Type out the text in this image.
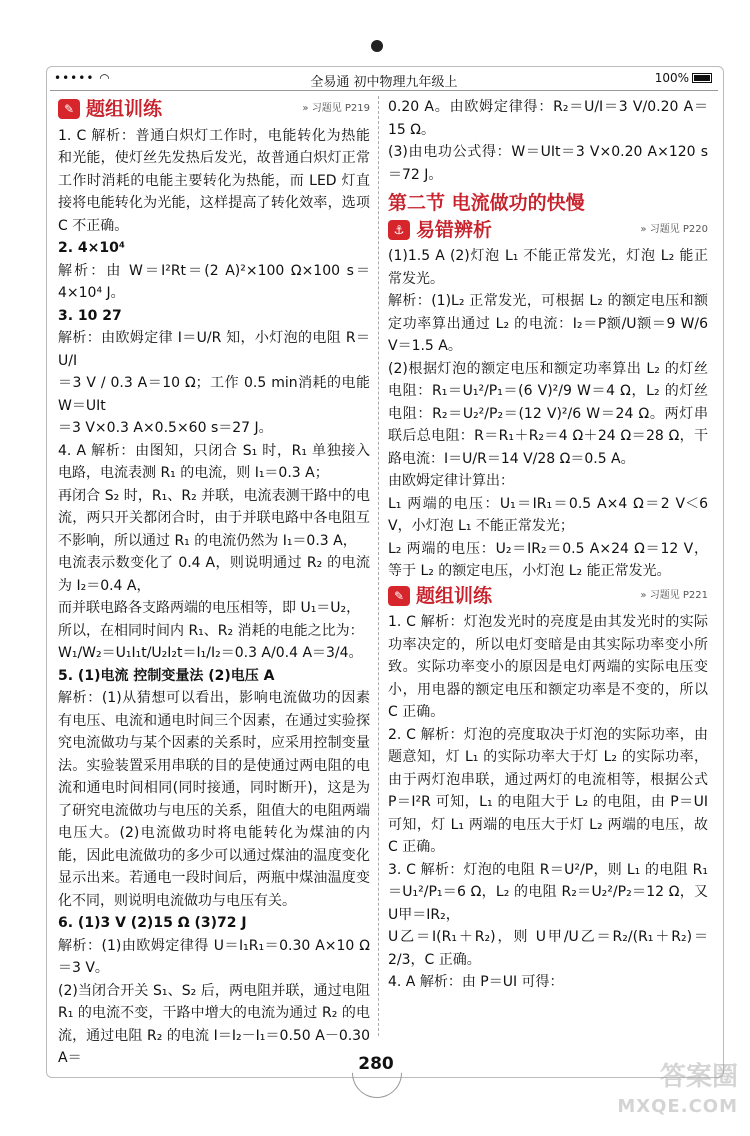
••••• ◠	全易通 初中物理九年级上	100%
✎ 题组训练	» 习题见 P219

1. C 解析：普通白炽灯工作时，电能转化为热能和光能，使灯丝先发热后发光，故普通白炽灯正常工作时消耗的电能主要转化为热能，而 LED 灯直接将电能转化为光能，这样提高了转化效率，选项 C 不正确。

2. 4×10⁴

解析：由 W＝I²Rt＝(2 A)²×100 Ω×100 s＝4×10⁴ J。

3. 10 27

解析：由欧姆定律 I＝U/R 知，小灯泡的电阻 R＝U/I

＝3 V / 0.3 A＝10 Ω；工作 0.5 min消耗的电能 W＝UIt

＝3 V×0.3 A×0.5×60 s＝27 J。

4. A 解析：由图知，只闭合 S₁ 时，R₁ 单独接入电路，电流表测 R₁ 的电流，则 I₁＝0.3 A；

再闭合 S₂ 时，R₁、R₂ 并联，电流表测干路中的电流，两只开关都闭合时，由于并联电路中各电阻互不影响，所以通过 R₁ 的电流仍然为 I₁＝0.3 A，

电流表示数变化了 0.4 A，则说明通过 R₂ 的电流为 I₂＝0.4 A，

而并联电路各支路两端的电压相等，即 U₁＝U₂，

所以，在相同时间内 R₁、R₂ 消耗的电能之比为：

W₁/W₂＝U₁I₁t/U₂I₂t＝I₁/I₂＝0.3 A/0.4 A＝3/4。

5. (1)电流 控制变量法 (2)电压 A

解析：(1)从猜想可以看出，影响电流做功的因素有电压、电流和通电时间三个因素，在通过实验探究电流做功与某个因素的关系时，应采用控制变量法。实验装置采用串联的目的是使通过两电阻的电流和通电时间相同(同时接通，同时断开)，这是为了研究电流做功与电压的关系，阻值大的电阻两端电压大。(2)电流做功时将电能转化为煤油的内能，因此电流做功的多少可以通过煤油的温度变化显示出来。若通电一段时间后，两瓶中煤油温度变化不同，则说明电流做功与电压有关。

6. (1)3 V (2)15 Ω (3)72 J

解析：(1)由欧姆定律得 U＝I₁R₁＝0.30 A×10 Ω＝3 V。

(2)当闭合开关 S₁、S₂ 后，两电阻并联，通过电阻 R₁ 的电流不变，干路中增大的电流为通过 R₂ 的电流，通过电阻 R₂ 的电流 I＝I₂－I₁＝0.50 A－0.30 A＝

0.20 A。由欧姆定律得：R₂＝U/I＝3 V/0.20 A＝15 Ω。

(3)由电功公式得：W＝UIt＝3 V×0.20 A×120 s＝72 J。

第二节 电流做功的快慢
⚓ 易错辨析	» 习题见 P220

(1)1.5 A (2)灯泡 L₁ 不能正常发光，灯泡 L₂ 能正常发光。

解析：(1)L₂ 正常发光，可根据 L₂ 的额定电压和额定功率算出通过 L₂ 的电流：I₂＝P额/U额＝9 W/6 V＝1.5 A。

(2)根据灯泡的额定电压和额定功率算出 L₂ 的灯丝电阻：R₁＝U₁²/P₁＝(6 V)²/9 W＝4 Ω，L₂ 的灯丝电阻：R₂＝U₂²/P₂＝(12 V)²/6 W＝24 Ω。两灯串联后总电阻：R＝R₁＋R₂＝4 Ω＋24 Ω＝28 Ω，干路电流：I＝U/R＝14 V/28 Ω＝0.5 A。

由欧姆定律计算出：

L₁ 两端的电压：U₁＝IR₁＝0.5 A×4 Ω＝2 V＜6 V，小灯泡 L₁ 不能正常发光；

L₂ 两端的电压：U₂＝IR₂＝0.5 A×24 Ω＝12 V，等于 L₂ 的额定电压，小灯泡 L₂ 能正常发光。

✎ 题组训练	» 习题见 P221

1. C 解析：灯泡发光时的亮度是由其发光时的实际功率决定的，所以电灯变暗是由其实际功率变小所致。实际功率变小的原因是电灯两端的实际电压变小，用电器的额定电压和额定功率是不变的，所以 C 正确。

2. C 解析：灯泡的亮度取决于灯泡的实际功率，由题意知，灯 L₁ 的实际功率大于灯 L₂ 的实际功率，由于两灯泡串联，通过两灯的电流相等，根据公式 P＝I²R 可知，L₁ 的电阻大于 L₂ 的电阻，由 P＝UI 可知，灯 L₁ 两端的电压大于灯 L₂ 两端的电压，故 C 正确。

3. C 解析：灯泡的电阻 R＝U²/P，则 L₁ 的电阻 R₁＝U₁²/P₁＝6 Ω，L₂ 的电阻 R₂＝U₂²/P₂＝12 Ω，又 U甲＝IR₂，

U乙＝I(R₁＋R₂)，则 U甲/U乙＝R₂/(R₁＋R₂)＝2/3，C 正确。

4. A 解析：由 P＝UI 可得：

280	答案圈
MXQE.COM
